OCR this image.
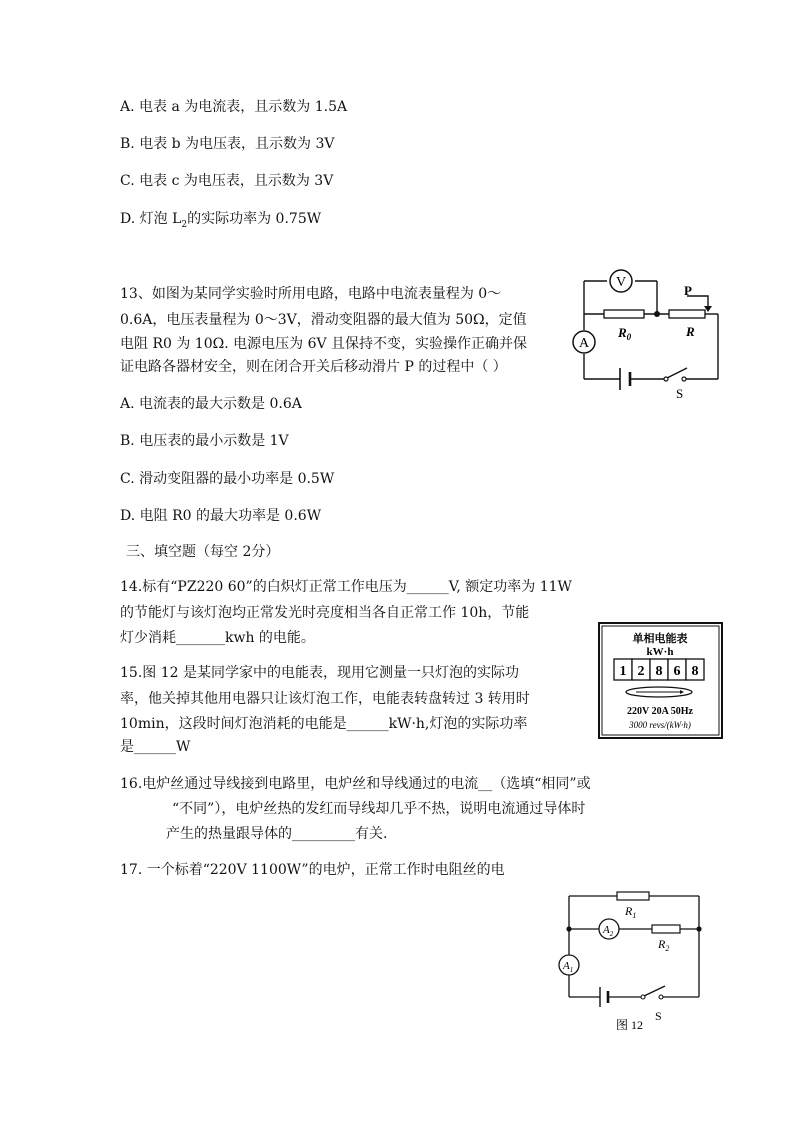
A. 电表 a 为电流表，且示数为 1.5A
B. 电表 b 为电压表，且示数为 3V
C. 电表 c 为电压表，且示数为 3V
D. 灯泡 $L_2$的实际功率为 0.75W
13、如图为某同学实验时所用电路，电路中电流表量程为 0～
0.6A，电压表量程为 0～3V，滑动变阻器的最大值为 50Ω，定值
电阻 R0 为 10Ω. 电源电压为 6V 且保持不变，实验操作正确并保
证电路各器材安全，则在闭合开关后移动滑片 P 的过程中（ ）
V
A
P
$R_0$	R
S
A. 电流表的最大示数是 0.6A
B. 电压表的最小示数是 1V
C. 滑动变阻器的最小功率是 0.5W
D. 电阻 R0 的最大功率是 0.6W
三、填空题（每空 2分）
14.标有“PZ220 60”的白炽灯正常工作电压为______V, 额定功率为 11W
的节能灯与该灯泡均正常发光时亮度相当各自正常工作 10h，节能
灯少消耗_______kwh 的电能。	单相电能表
kW·h
1 2 8 6 8
220V 20A 50Hz
3000 revs/(kW·h)
15.图 12 是某同学家中的电能表，现用它测量一只灯泡的实际功
率，他关掉其他用电器只让该灯泡工作，电能表转盘转过 3 转用时
10min，这段时间灯泡消耗的电能是______kW·h,灯泡的实际功率
是______W
16.电炉丝通过导线接到电路里，电炉丝和导线通过的电流__（选填“相同”或
“不同”），电炉丝热的发红而导线却几乎不热，说明电流通过导体时
产生的热量跟导体的_________有关.
17. 一个标着“220V 1100W”的电炉，正常工作时电阻丝的电
$R_1$
$R_2$
$A_2$
$A_1$
S
图 12
